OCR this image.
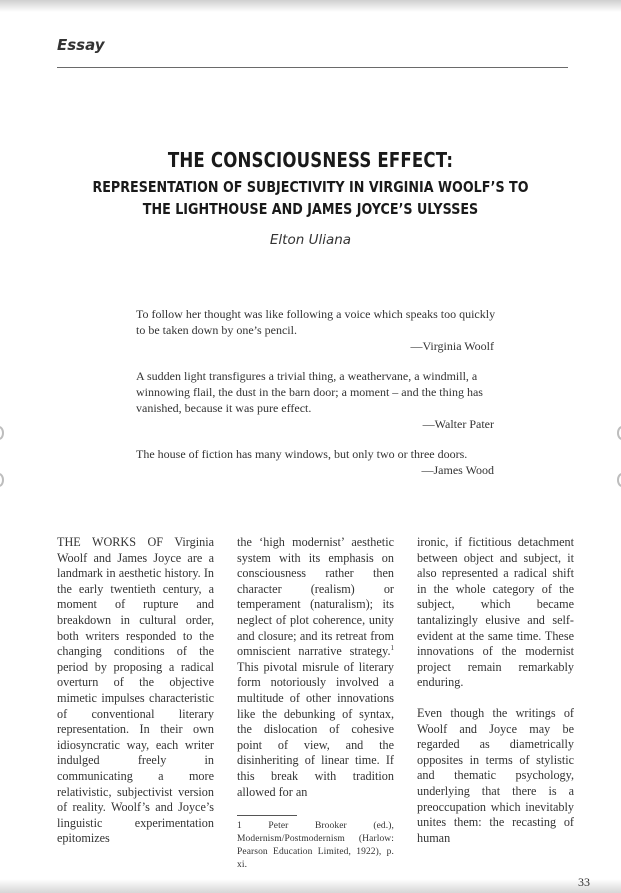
Essay
THE CONSCIOUSNESS EFFECT:
REPRESENTATION OF SUBJECTIVITY IN VIRGINIA WOOLF’S TO THE LIGHTHOUSE AND JAMES JOYCE’S ULYSSES
Elton Uliana

To follow her thought was like following a voice which speaks too quickly to be taken down by one’s pencil.

—Virginia Woolf

A sudden light transfigures a trivial thing, a weathervane, a windmill, a winnowing flail, the dust in the barn door; a moment – and the thing has vanished, because it was pure effect.

—Walter Pater

The house of fiction has many windows, but only two or three doors.

—James Wood

THE WORKS OF Virginia Woolf and James Joyce are a landmark in aesthetic history. In the early twentieth century, a moment of rupture and breakdown in cultural order, both writers responded to the changing conditions of the period by proposing a radical overturn of the objective mimetic impulses characteristic of conventional literary representation. In their own idiosyncratic way, each writer indulged freely in communicating a more relativistic, subjectivist version of reality. Woolf’s and Joyce’s linguistic experimentation epitomizes

the ‘high modernist’ aesthetic system with its emphasis on consciousness rather then character (realism) or temperament (naturalism); its neglect of plot coherence, unity and closure; and its retreat from omniscient narrative strategy.$^1$ This pivotal misrule of literary form notoriously involved a multitude of other innovations like the debunking of syntax, the dislocation of cohesive point of view, and the disinheriting of linear time. If this break with tradition allowed for an

1 Peter Brooker (ed.), Modernism/Postmodernism (Harlow: Pearson Education Limited, 1922), p. xi.

ironic, if fictitious detachment between object and subject, it also represented a radical shift in the whole category of the subject, which became tantalizingly elusive and self-evident at the same time. These innovations of the modernist project remain remarkably enduring.

Even though the writings of Woolf and Joyce may be regarded as diametrically opposites in terms of stylistic and thematic psychology, underlying that there is a preoccupation which inevitably unites them: the recasting of human

33
